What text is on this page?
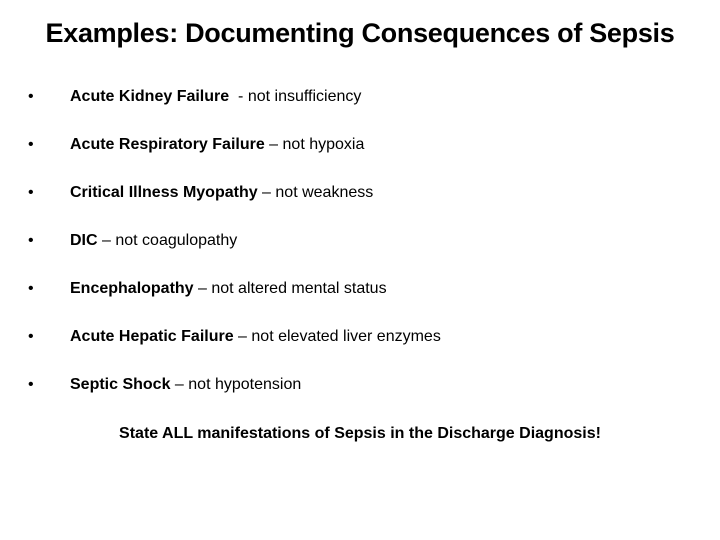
Examples: Documenting Consequences of Sepsis
•	Acute Kidney Failure - not insufficiency
•	Acute Respiratory Failure – not hypoxia
•	Critical Illness Myopathy – not weakness
•	DIC – not coagulopathy
•	Encephalopathy – not altered mental status
•	Acute Hepatic Failure – not elevated liver enzymes
•	Septic Shock – not hypotension
State ALL manifestations of Sepsis in the Discharge Diagnosis!
